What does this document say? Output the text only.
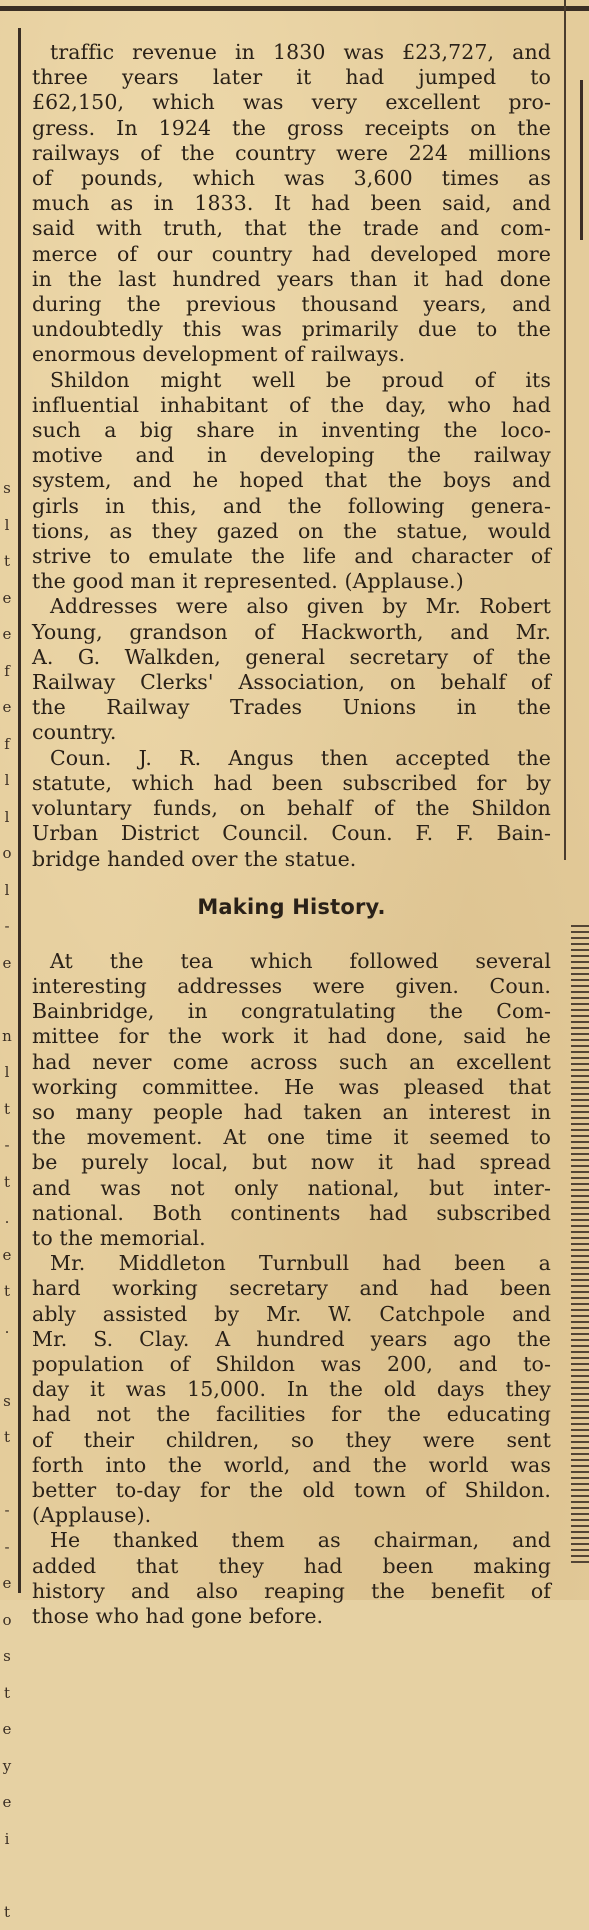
s
l
t
e
e
f
e
f
l
l
o
l
-
e
n
l
t
-
t
.
e
t
.
s
t
-
-
e
o
s
t
e
y
e
i
t

traffic revenue in 1830 was £23,727, and
three years later it had jumped to
£62,150, which was very excellent pro-
gress. In 1924 the gross receipts on the
railways of the country were 224 millions
of pounds, which was 3,600 times as
much as in 1833. It had been said, and
said with truth, that the trade and com-
merce of our country had developed more
in the last hundred years than it had done
during the previous thousand years, and
undoubtedly this was primarily due to the
enormous development of railways.

Shildon might well be proud of its
influential inhabitant of the day, who had
such a big share in inventing the loco-
motive and in developing the railway
system, and he hoped that the boys and
girls in this, and the following genera-
tions, as they gazed on the statue, would
strive to emulate the life and character of
the good man it represented. (Applause.)

Addresses were also given by Mr. Robert
Young, grandson of Hackworth, and Mr.
A. G. Walkden, general secretary of the
Railway Clerks' Association, on behalf of
the Railway Trades Unions in the
country.

Coun. J. R. Angus then accepted the
statute, which had been subscribed for by
voluntary funds, on behalf of the Shildon
Urban District Council. Coun. F. F. Bain-
bridge handed over the statue.

Making History.

At the tea which followed several
interesting addresses were given. Coun.
Bainbridge, in congratulating the Com-
mittee for the work it had done, said he
had never come across such an excellent
working committee. He was pleased that
so many people had taken an interest in
the movement. At one time it seemed to
be purely local, but now it had spread
and was not only national, but inter-
national. Both continents had subscribed
to the memorial.

Mr. Middleton Turnbull had been a
hard working secretary and had been
ably assisted by Mr. W. Catchpole and
Mr. S. Clay. A hundred years ago the
population of Shildon was 200, and to-
day it was 15,000. In the old days they
had not the facilities for the educating
of their children, so they were sent
forth into the world, and the world was
better to-day for the old town of Shildon.
(Applause).

He thanked them as chairman, and
added that they had been making
history and also reaping the benefit of
those who had gone before.
